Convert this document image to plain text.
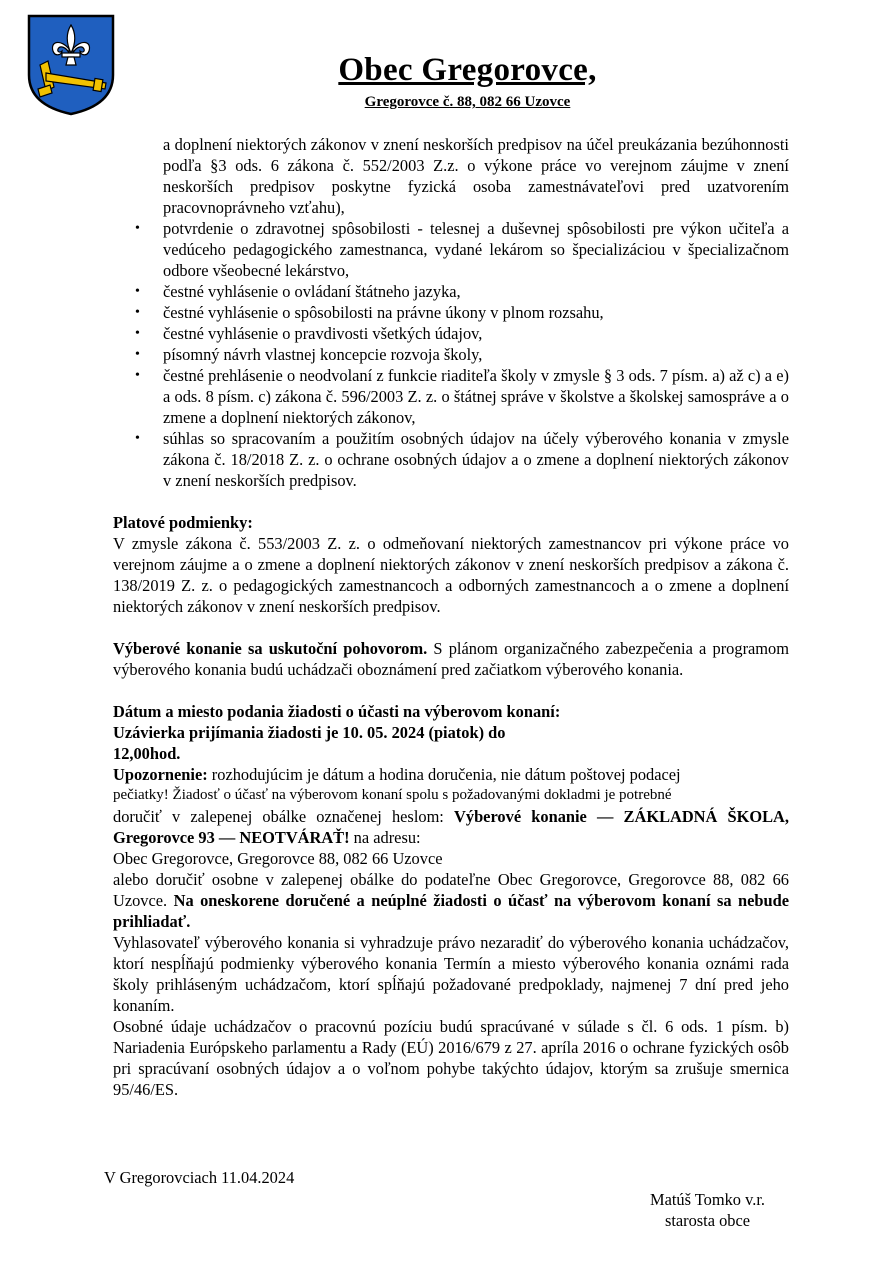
Obec Gregorovce,
Gregorovce č. 88, 082 66 Uzovce

a doplnení niektorých zákonov v znení neskorších predpisov na účel preukázania bezúhonnosti podľa §3 ods. 6 zákona č. 552/2003 Z.z. o výkone práce vo verejnom záujme v znení neskorších predpisov poskytne fyzická osoba zamestnávateľovi pred uzatvorením pracovnoprávneho vzťahu),

• potvrdenie o zdravotnej spôsobilosti - telesnej a duševnej spôsobilosti pre výkon učiteľa a vedúceho pedagogického zamestnanca, vydané lekárom so špecializáciou v špecializačnom odbore všeobecné lekárstvo,
• čestné vyhlásenie o ovládaní štátneho jazyka,
• čestné vyhlásenie o spôsobilosti na právne úkony v plnom rozsahu,
• čestné vyhlásenie o pravdivosti všetkých údajov,
• písomný návrh vlastnej koncepcie rozvoja školy,
• čestné prehlásenie o neodvolaní z funkcie riaditeľa školy v zmysle § 3 ods. 7 písm. a) až c) a e) a ods. 8 písm. c) zákona č. 596/2003 Z. z. o štátnej správe v školstve a školskej samospráve a o zmene a doplnení niektorých zákonov,
• súhlas so spracovaním a použitím osobných údajov na účely výberového konania v zmysle zákona č. 18/2018 Z. z. o ochrane osobných údajov a o zmene a doplnení niektorých zákonov v znení neskorších predpisov.

Platové podmienky:

V zmysle zákona č. 553/2003 Z. z. o odmeňovaní niektorých zamestnancov pri výkone práce vo verejnom záujme a o zmene a doplnení niektorých zákonov v znení neskorších predpisov a zákona č. 138/2019 Z. z. o pedagogických zamestnancoch a odborných zamestnancoch a o zmene a doplnení niektorých zákonov v znení neskorších predpisov.

Výberové konanie sa uskutoční pohovorom. S plánom organizačného zabezpečenia a programom výberového konania budú uchádzači oboznámení pred začiatkom výberového konania.

Dátum a miesto podania žiadosti o účasti na výberovom konaní:

Uzávierka prijímania žiadosti je 10. 05. 2024 (piatok) do

12,00hod.

Upozornenie: rozhodujúcim je dátum a hodina doručenia, nie dátum poštovej podacej

pečiatky! Žiadosť o účasť na výberovom konaní spolu s požadovanými dokladmi je potrebné

doručiť v zalepenej obálke označenej heslom: Výberové konanie — ZÁKLADNÁ ŠKOLA, Gregorovce 93 — NEOTVÁRAŤ! na adresu:

Obec Gregorovce, Gregorovce 88, 082 66 Uzovce

alebo doručiť osobne v zalepenej obálke do podateľne Obec Gregorovce, Gregorovce 88, 082 66 Uzovce. Na oneskorene doručené a neúplné žiadosti o účasť na výberovom konaní sa nebude prihliadať.

Vyhlasovateľ výberového konania si vyhradzuje právo nezaradiť do výberového konania uchádzačov, ktorí nespĺňajú podmienky výberového konania Termín a miesto výberového konania oznámi rada školy prihláseným uchádzačom, ktorí spĺňajú požadované predpoklady, najmenej 7 dní pred jeho konaním.

Osobné údaje uchádzačov o pracovnú pozíciu budú spracúvané v súlade s čl. 6 ods. 1 písm. b) Nariadenia Európskeho parlamentu a Rady (EÚ) 2016/679 z 27. apríla 2016 o ochrane fyzických osôb pri spracúvaní osobných údajov a o voľnom pohybe takýchto údajov, ktorým sa zrušuje smernica 95/46/ES.

V Gregorovciach 11.04.2024
Matúš Tomko v.r.
starosta obce
